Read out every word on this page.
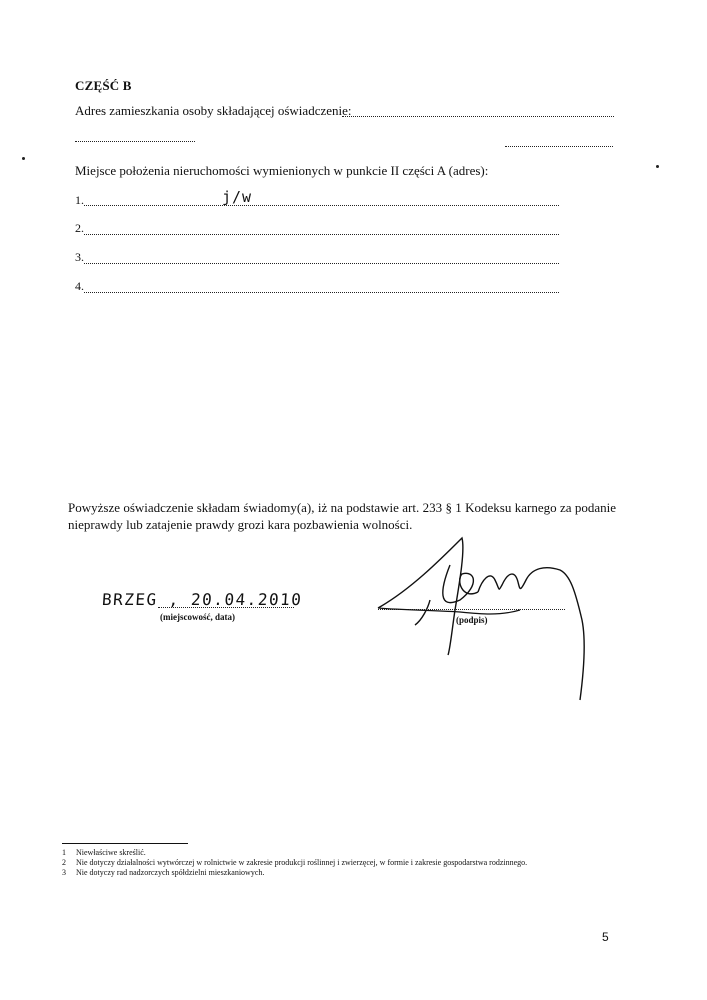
CZĘŚĆ B
Adres zamieszkania osoby składającej oświadczenie:
Miejsce położenia nieruchomości wymienionych w punkcie II części A (adres):
1.	j/w
2.
3.
4.
Powyższe oświadczenie składam świadomy(a), iż na podstawie art. 233 § 1 Kodeksu karnego za podanie nieprawdy lub zatajenie prawdy grozi kara pozbawienia wolności.
BRZEG , 20.04.2010
(miejscowość, data)	(podpis)
1 Niewłaściwe skreślić.
2 Nie dotyczy działalności wytwórczej w rolnictwie w zakresie produkcji roślinnej i zwierzęcej, w formie i zakresie gospodarstwa rodzinnego.
3 Nie dotyczy rad nadzorczych spółdzielni mieszkaniowych.
5
